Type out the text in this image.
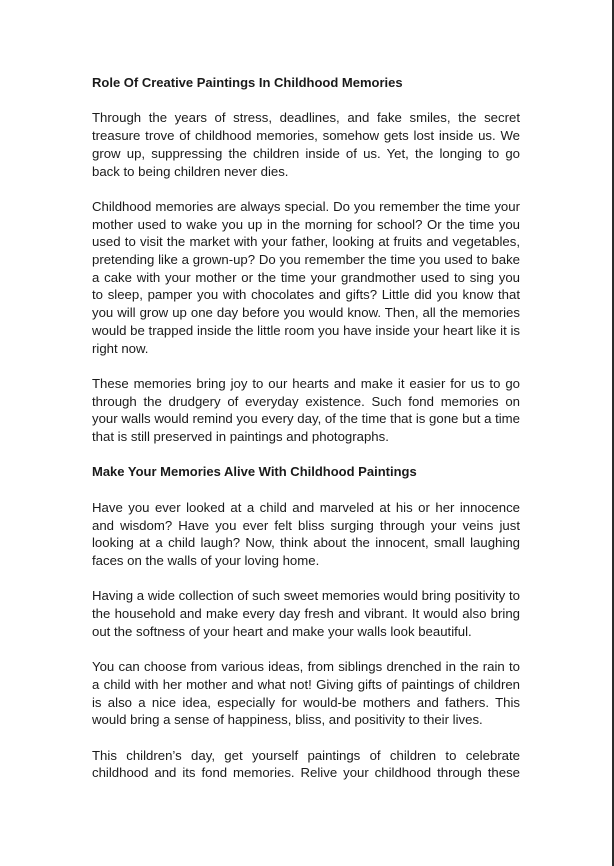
Role Of Creative Paintings In Childhood Memories

Through the years of stress, deadlines, and fake smiles, the secret treasure trove of childhood memories, somehow gets lost inside us. We grow up, suppressing the children inside of us. Yet, the longing to go back to being children never dies.

Childhood memories are always special. Do you remember the time your mother used to wake you up in the morning for school? Or the time you used to visit the market with your father, looking at fruits and vegetables, pretending like a grown-up? Do you remember the time you used to bake a cake with your mother or the time your grandmother used to sing you to sleep, pamper you with chocolates and gifts? Little did you know that you will grow up one day before you would know. Then, all the memories would be trapped inside the little room you have inside your heart like it is right now.

These memories bring joy to our hearts and make it easier for us to go through the drudgery of everyday existence. Such fond memories on your walls would remind you every day, of the time that is gone but a time that is still preserved in paintings and photographs.

Make Your Memories Alive With Childhood Paintings

Have you ever looked at a child and marveled at his or her innocence and wisdom? Have you ever felt bliss surging through your veins just looking at a child laugh? Now, think about the innocent, small laughing faces on the walls of your loving home.

Having a wide collection of such sweet memories would bring positivity to the household and make every day fresh and vibrant. It would also bring out the softness of your heart and make your walls look beautiful.

You can choose from various ideas, from siblings drenched in the rain to a child with her mother and what not! Giving gifts of paintings of children is also a nice idea, especially for would-be mothers and fathers. This would bring a sense of happiness, bliss, and positivity to their lives.

This children’s day, get yourself paintings of children to celebrate childhood and its fond memories. Relive your childhood through these
